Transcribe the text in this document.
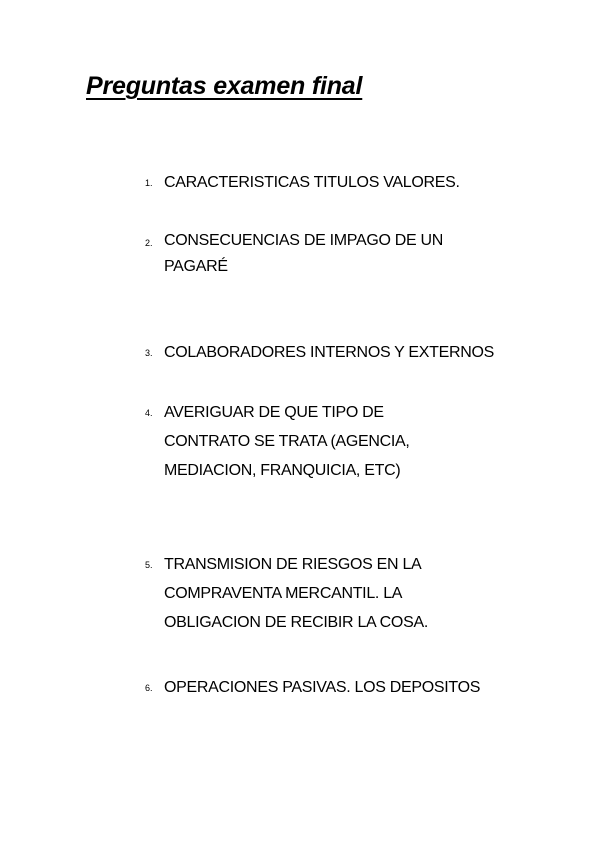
Preguntas examen final
1. CARACTERISTICAS TITULOS VALORES.
2. CONSECUENCIAS DE IMPAGO DE UN
PAGARÉ
3. COLABORADORES INTERNOS Y EXTERNOS
4. AVERIGUAR DE QUE TIPO DE
CONTRATO SE TRATA (AGENCIA,
MEDIACION, FRANQUICIA, ETC)
5. TRANSMISION DE RIESGOS EN LA
COMPRAVENTA MERCANTIL. LA
OBLIGACION DE RECIBIR LA COSA.
6. OPERACIONES PASIVAS. LOS DEPOSITOS
